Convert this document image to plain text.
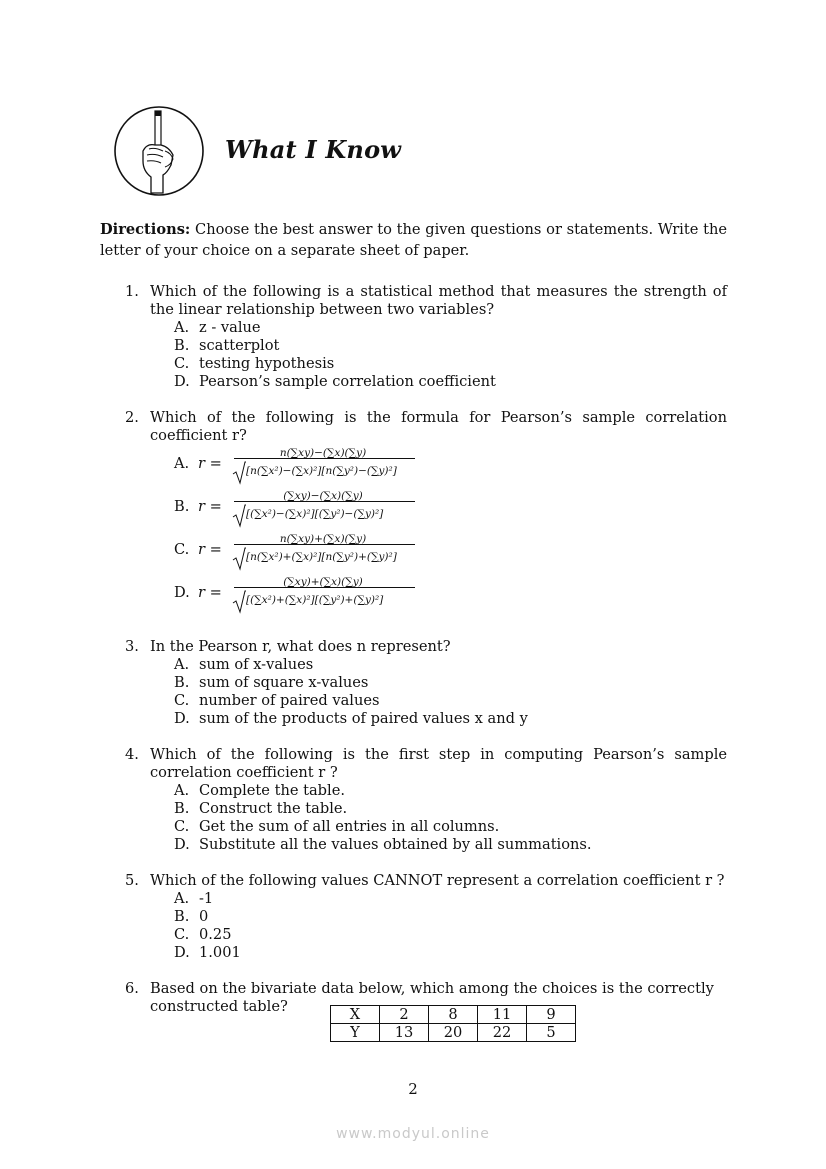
What I Know
Directions: Choose the best answer to the given questions or statements. Write the letter of your choice on a separate sheet of paper.
1. Which of the following is a statistical method that measures the strength of the linear relationship between two variables?
A. z - value
B. scatterplot
C. testing hypothesis
D. Pearson’s sample correlation coefficient
2. Which of the following is the formula for Pearson’s sample correlation coefficient r?
A. r =
n(∑xy)−(∑x)(∑y)
[n(∑x²)−(∑x)²][n(∑y²)−(∑y)²]
B. r =
(∑xy)−(∑x)(∑y)
[(∑x²)−(∑x)²][(∑y²)−(∑y)²]
C. r =
n(∑xy)+(∑x)(∑y)
[n(∑x²)+(∑x)²][n(∑y²)+(∑y)²]
D. r =
(∑xy)+(∑x)(∑y)
[(∑x²)+(∑x)²][(∑y²)+(∑y)²]
3. In the Pearson r, what does n represent?
A. sum of x-values
B. sum of square x-values
C. number of paired values
D. sum of the products of paired values x and y
4. Which of the following is the first step in computing Pearson’s sample correlation coefficient r ?
A. Complete the table.
B. Construct the table.
C. Get the sum of all entries in all columns.
D. Substitute all the values obtained by all summations.
5. Which of the following values CANNOT represent a correlation coefficient r ?
A. -1
B. 0
C. 0.25
D. 1.001
6. Based on the bivariate data below, which among the choices is the correctly constructed table?	X	2	8	11	9
Y	13	20	22	5
2
www.modyul.online
